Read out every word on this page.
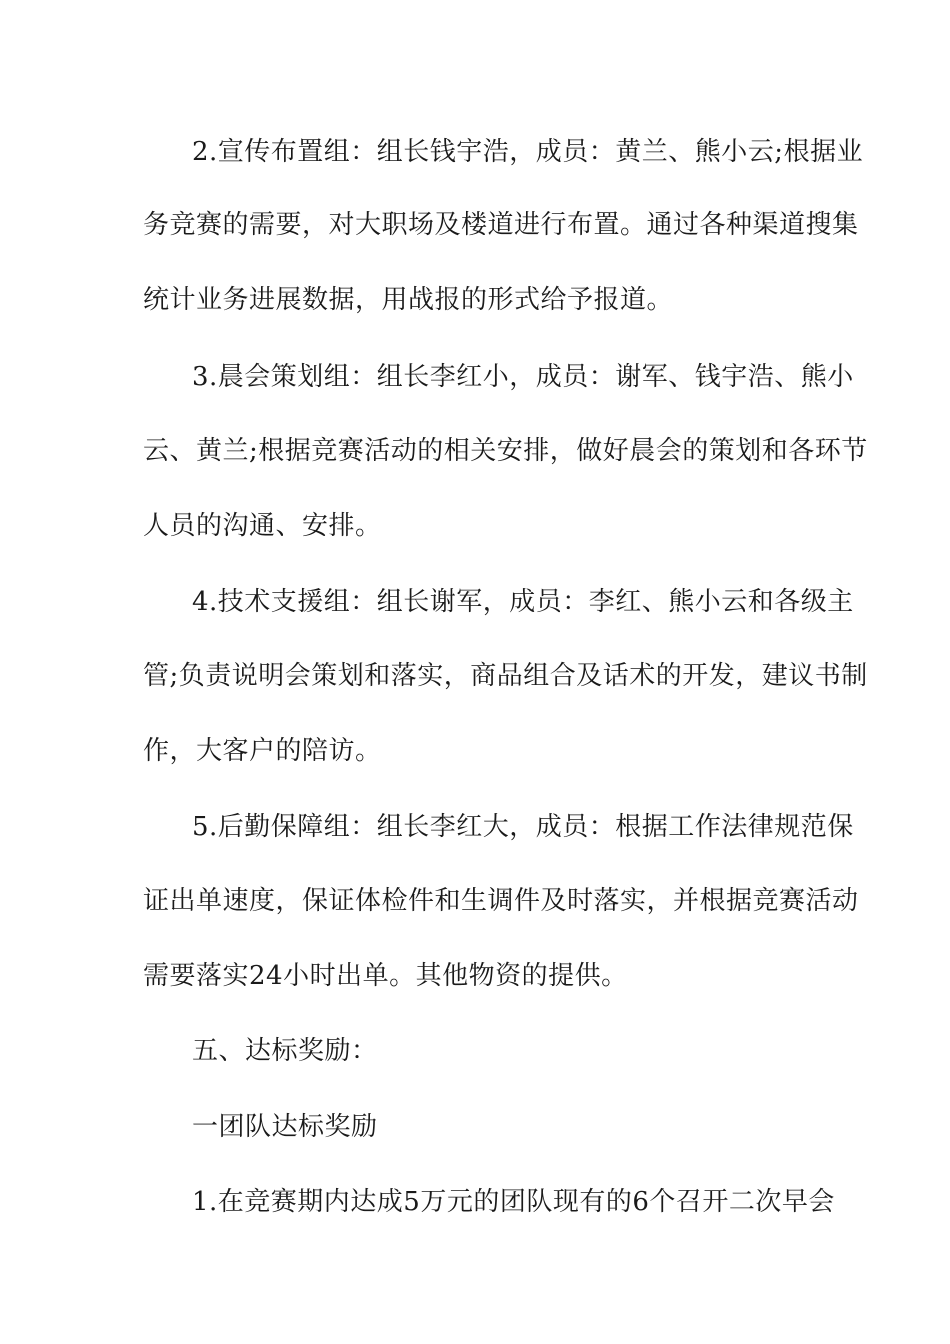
2.宣传布置组：组长钱宇浩，成员：黄兰、熊小云;根据业
务竞赛的需要，对大职场及楼道进行布置。通过各种渠道搜集
统计业务进展数据，用战报的形式给予报道。
3.晨会策划组：组长李红小，成员：谢军、钱宇浩、熊小
云、黄兰;根据竞赛活动的相关安排，做好晨会的策划和各环节
人员的沟通、安排。
4.技术支援组：组长谢军，成员：李红、熊小云和各级主
管;负责说明会策划和落实，商品组合及话术的开发，建议书制
作，大客户的陪访。
5.后勤保障组：组长李红大，成员：根据工作法律规范保
证出单速度，保证体检件和生调件及时落实，并根据竞赛活动
需要落实24小时出单。其他物资的提供。
五、达标奖励：
一团队达标奖励
1.在竞赛期内达成5万元的团队现有的6个召开二次早会
